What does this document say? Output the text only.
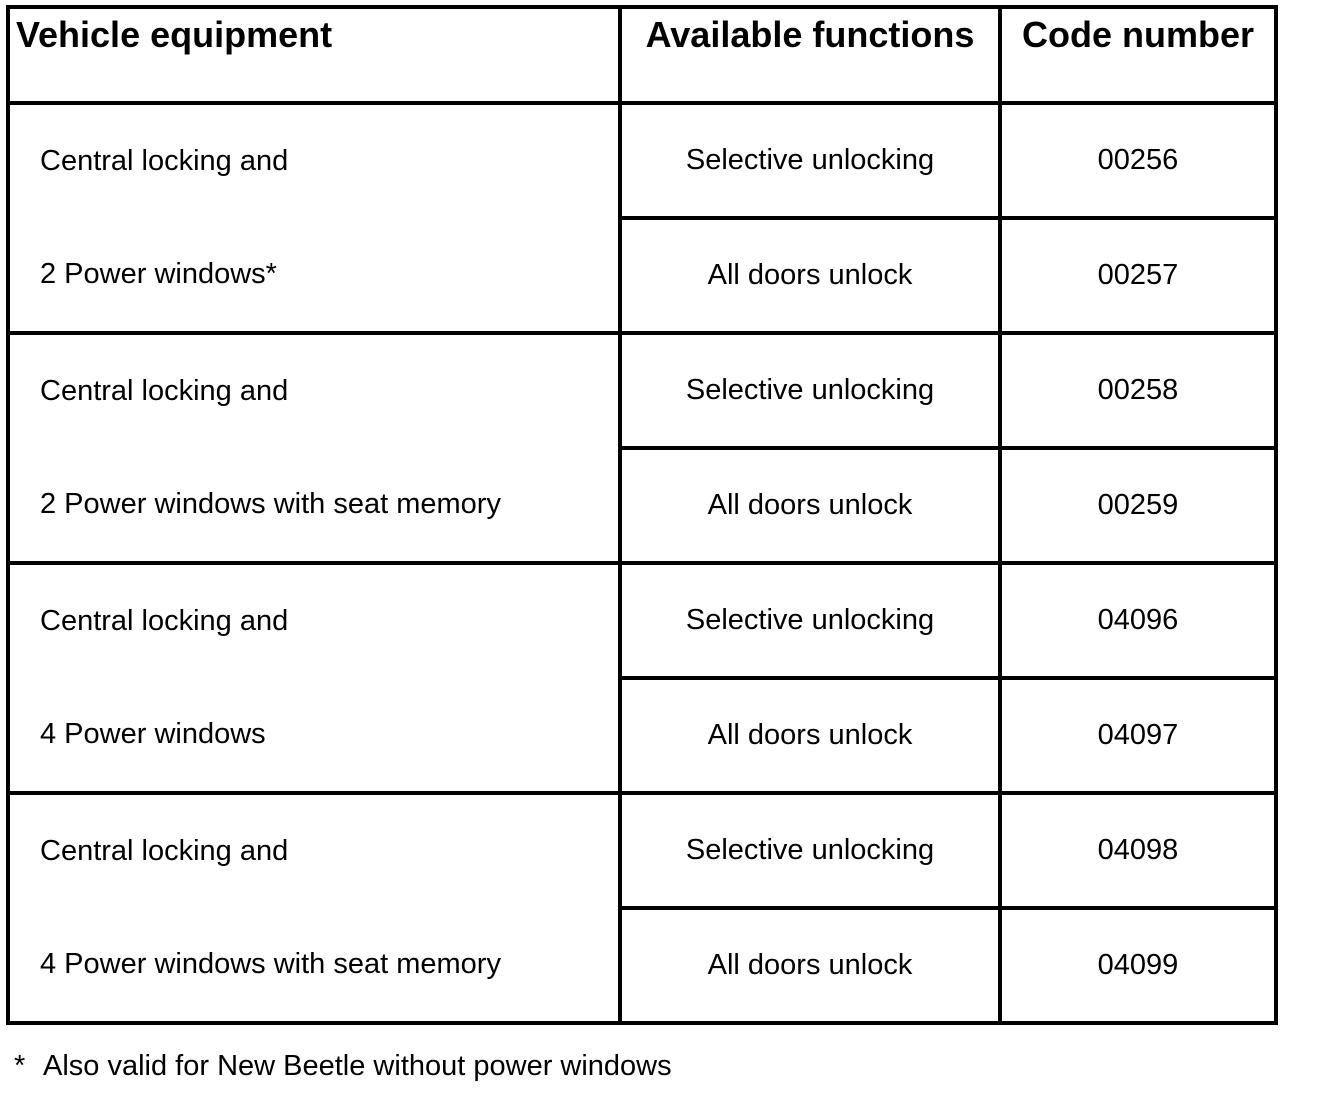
Vehicle equipment	Available functions	Code number

Central locking and
2 Power windows*	Selective unlocking	00256
	All doors unlock	00257

Central locking and
2 Power windows with seat memory	Selective unlocking	00258
	All doors unlock	00259

Central locking and
4 Power windows	Selective unlocking	04096
	All doors unlock	04097

Central locking and
4 Power windows with seat memory	Selective unlocking	04098
	All doors unlock	04099
* Also valid for New Beetle without power windows
